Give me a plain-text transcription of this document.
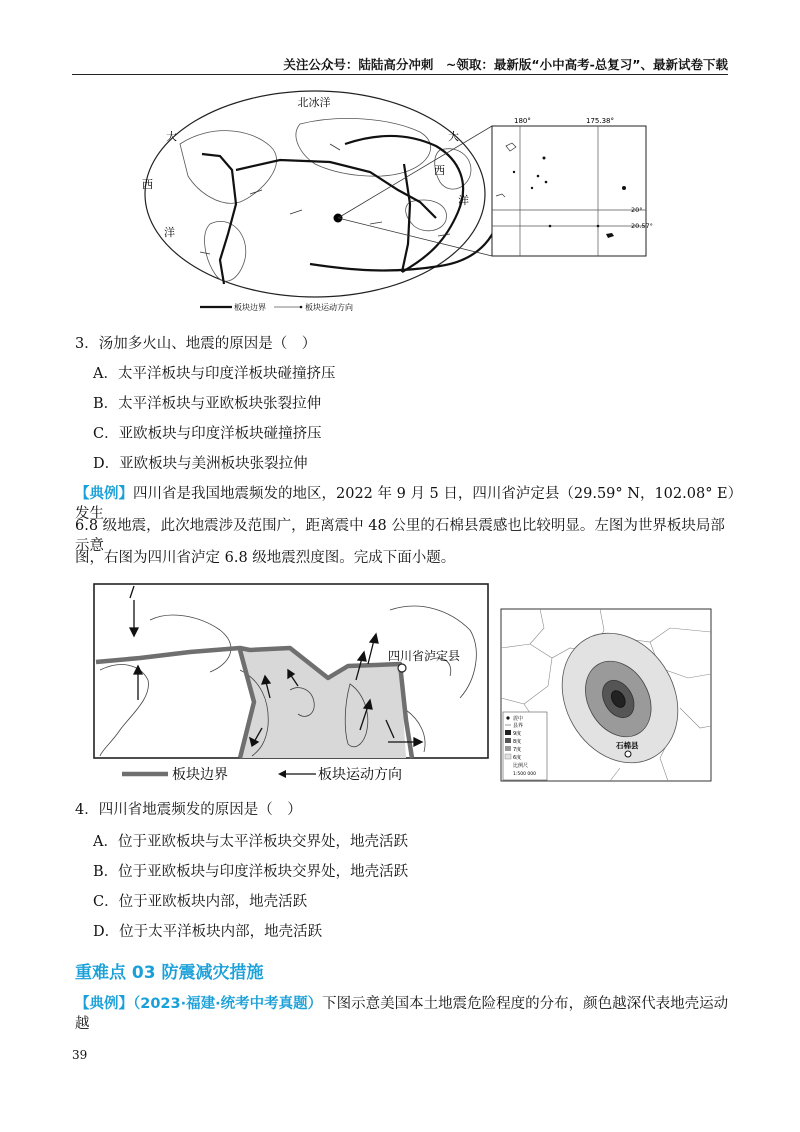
关注公众号：陆陆高分冲刺　~领取：最新版“小中高考-总复习”、最新试卷下载
北冰洋
大
西
洋
大
西
洋
180°	175.38°
20°
20.57°
板块边界	板块运动方向
3．汤加多火山、地震的原因是（　）
A．太平洋板块与印度洋板块碰撞挤压
B．太平洋板块与亚欧板块张裂拉伸
C．亚欧板块与印度洋板块碰撞挤压
D．亚欧板块与美洲板块张裂拉伸
【典例】四川省是我国地震频发的地区，2022 年 9 月 5 日，四川省泸定县（29.59° N，102.08° E）发生
6.8 级地震，此次地震涉及范围广，距离震中 48 公里的石棉县震感也比较明显。左图为世界板块局部示意
图，右图为四川省泸定 6.8 级地震烈度图。完成下面小题。
四川省泸定县
板块边界	板块运动方向
石棉县
震中
县界
9度
8度
7度
6度
比例尺
1:500 000
4．四川省地震频发的原因是（　）
A．位于亚欧板块与太平洋板块交界处，地壳活跃
B．位于亚欧板块与印度洋板块交界处，地壳活跃
C．位于亚欧板块内部，地壳活跃
D．位于太平洋板块内部，地壳活跃
重难点 03 防震减灾措施
【典例】（2023·福建·统考中考真题）下图示意美国本土地震危险程度的分布，颜色越深代表地壳运动越
39
